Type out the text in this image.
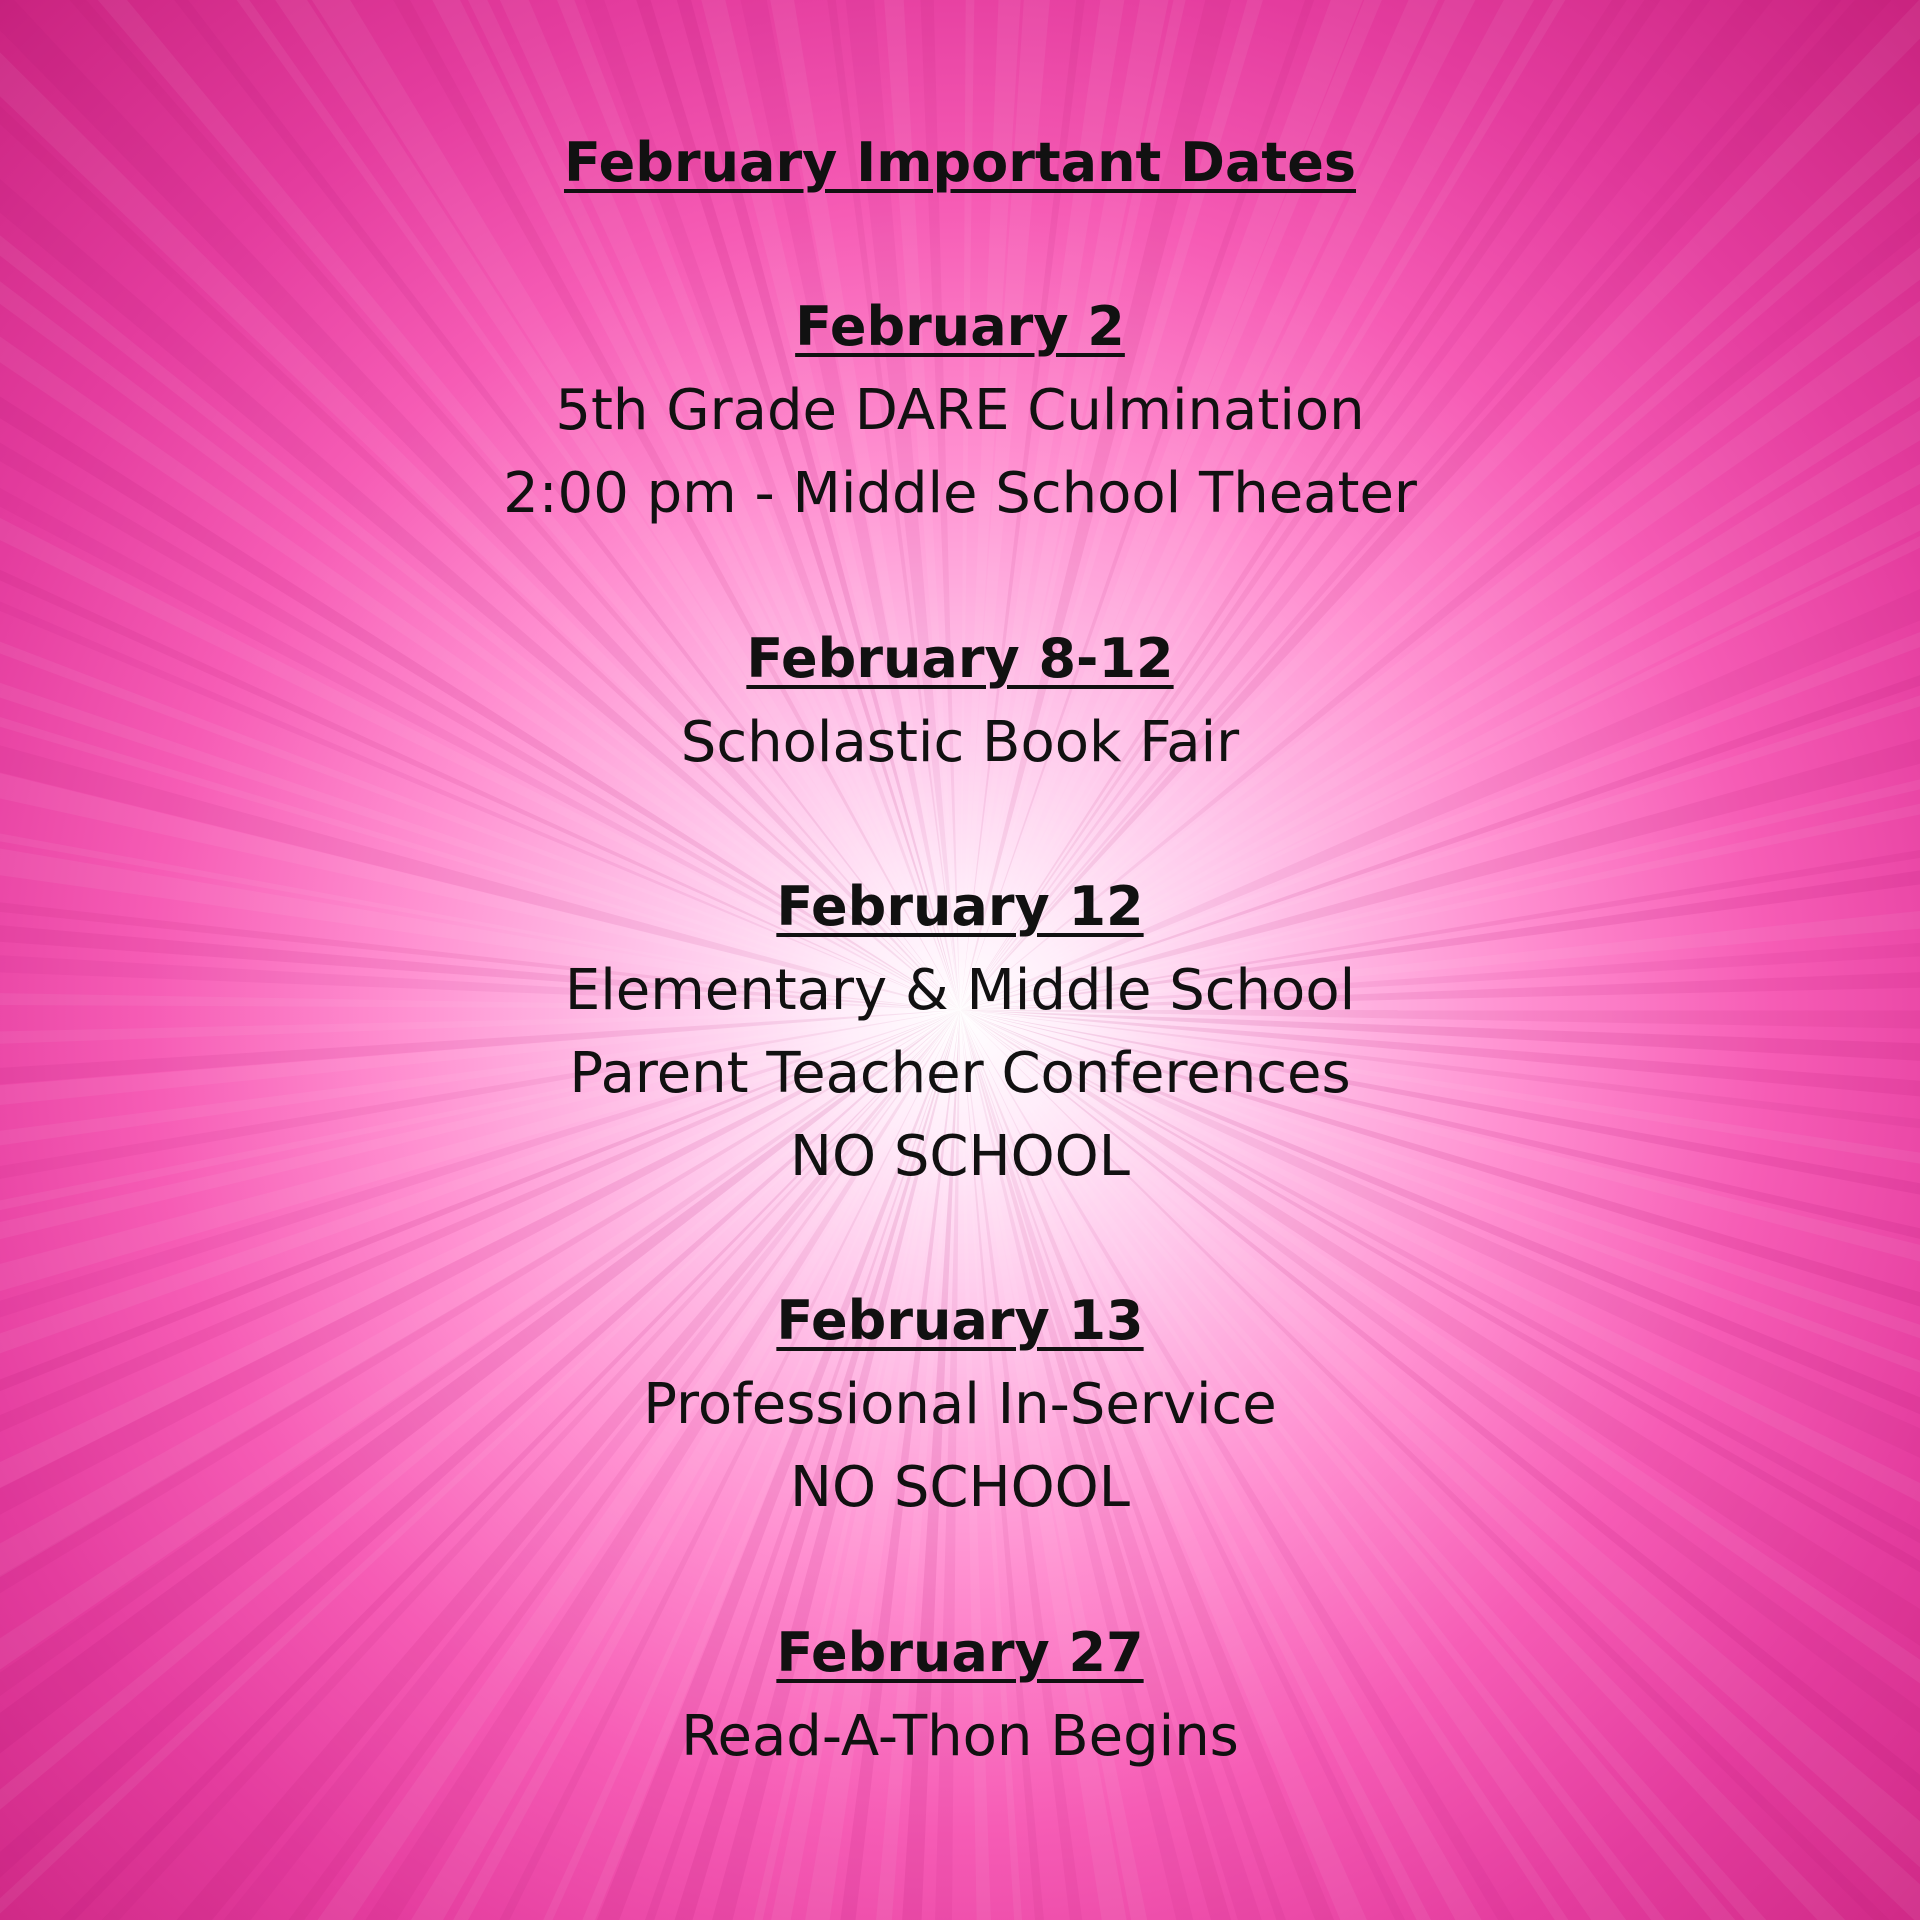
February Important Dates
February 2
5th Grade DARE Culmination
2:00 pm - Middle School Theater
February 8-12
Scholastic Book Fair
February 12
Elementary & Middle School
Parent Teacher Conferences
NO SCHOOL
February 13
Professional In-Service
NO SCHOOL
February 27
Read-A-Thon Begins
